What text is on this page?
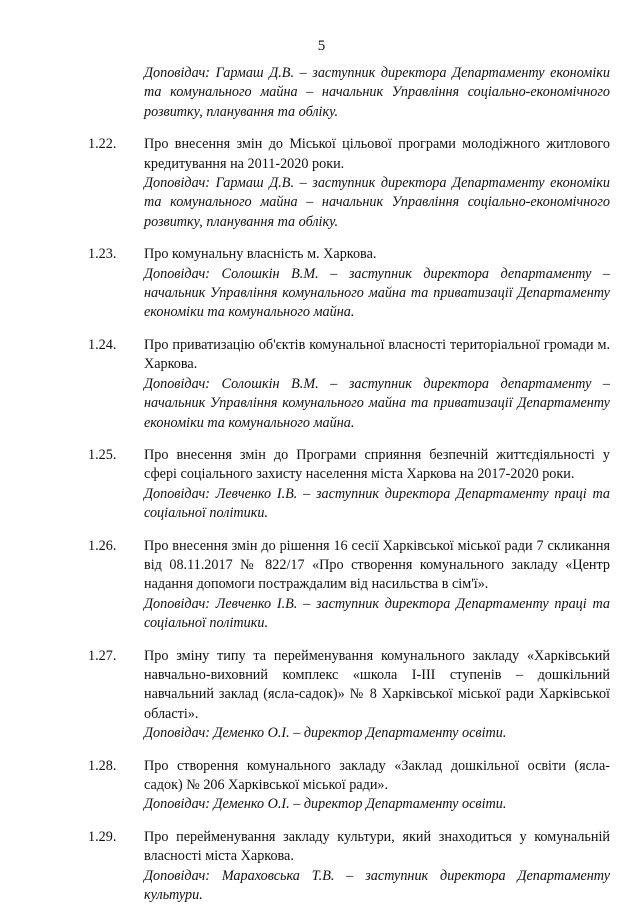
5

Доповідач: Гармаш Д.В. – заступник директора Департаменту економіки та комунального майна – начальник Управління соціально-економічного розвитку, планування та обліку.

1.22. Про внесення змін до Міської цільової програми молодіжного житлового кредитування на 2011-2020 роки.

Доповідач: Гармаш Д.В. – заступник директора Департаменту економіки та комунального майна – начальник Управління соціально-економічного розвитку, планування та обліку.

1.23. Про комунальну власність м. Харкова.

Доповідач: Солошкін В.М. – заступник директора департаменту – начальник Управління комунального майна та приватизації Департаменту економіки та комунального майна.

1.24. Про приватизацію об'єктів комунальної власності територіальної громади м. Харкова.

Доповідач: Солошкін В.М. – заступник директора департаменту – начальник Управління комунального майна та приватизації Департаменту економіки та комунального майна.

1.25. Про внесення змін до Програми сприяння безпечній життєдіяльності у сфері соціального захисту населення міста Харкова на 2017-2020 роки.

Доповідач: Левченко І.В. – заступник директора Департаменту праці та соціальної політики.

1.26. Про внесення змін до рішення 16 сесії Харківської міської ради 7 скликання від 08.11.2017 № 822/17 «Про створення комунального закладу «Центр надання допомоги постраждалим від насильства в сім'ї».

Доповідач: Левченко І.В. – заступник директора Департаменту праці та соціальної політики.

1.27. Про зміну типу та перейменування комунального закладу «Харківський навчально-виховний комплекс «школа І-ІІІ ступенів – дошкільний навчальний заклад (ясла-садок)» № 8 Харківської міської ради Харківської області».

Доповідач: Деменко О.І. – директор Департаменту освіти.

1.28. Про створення комунального закладу «Заклад дошкільної освіти (ясла-садок) № 206 Харківської міської ради».

Доповідач: Деменко О.І. – директор Департаменту освіти.

1.29. Про перейменування закладу культури, який знаходиться у комунальній власності міста Харкова.

Доповідач: Мараховська Т.В. – заступник директора Департаменту культури.
